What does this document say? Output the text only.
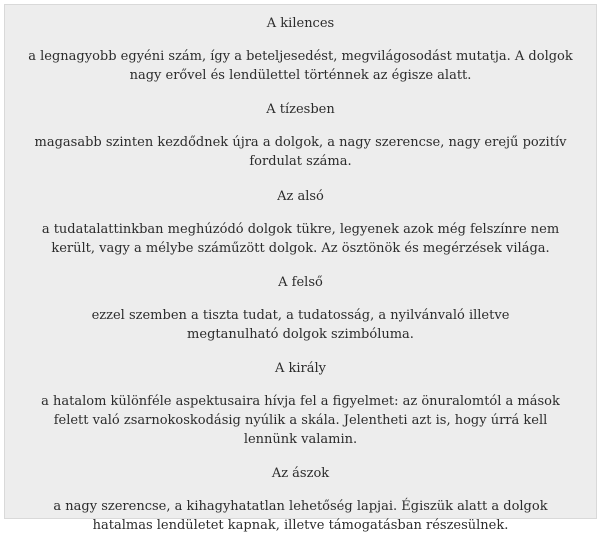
A kilences

a legnagyobb egyéni szám, így a beteljesedést, megvilágosodást mutatja. A dolgok nagy erővel és lendülettel történnek az égisze alatt.

A tízesben

magasabb szinten kezdődnek újra a dolgok, a nagy szerencse, nagy erejű pozitív fordulat száma.

Az alsó

a tudatalattinkban meghúzódó dolgok tükre, legyenek azok még felszínre nem került, vagy a mélybe száműzött dolgok. Az ösztönök és megérzések világa.

A felső

ezzel szemben a tiszta tudat, a tudatosság, a nyilvánvaló illetve megtanulható dolgok szimbóluma.

A király

a hatalom különféle aspektusaira hívja fel a figyelmet: az önuralomtól a mások felett való zsarnokoskodásig nyúlik a skála. Jelentheti azt is, hogy úrrá kell lennünk valamin.

Az ászok

a nagy szerencse, a kihagyhatatlan lehetőség lapjai. Égiszük alatt a dolgok hatalmas lendületet kapnak, illetve támogatásban részesülnek.
